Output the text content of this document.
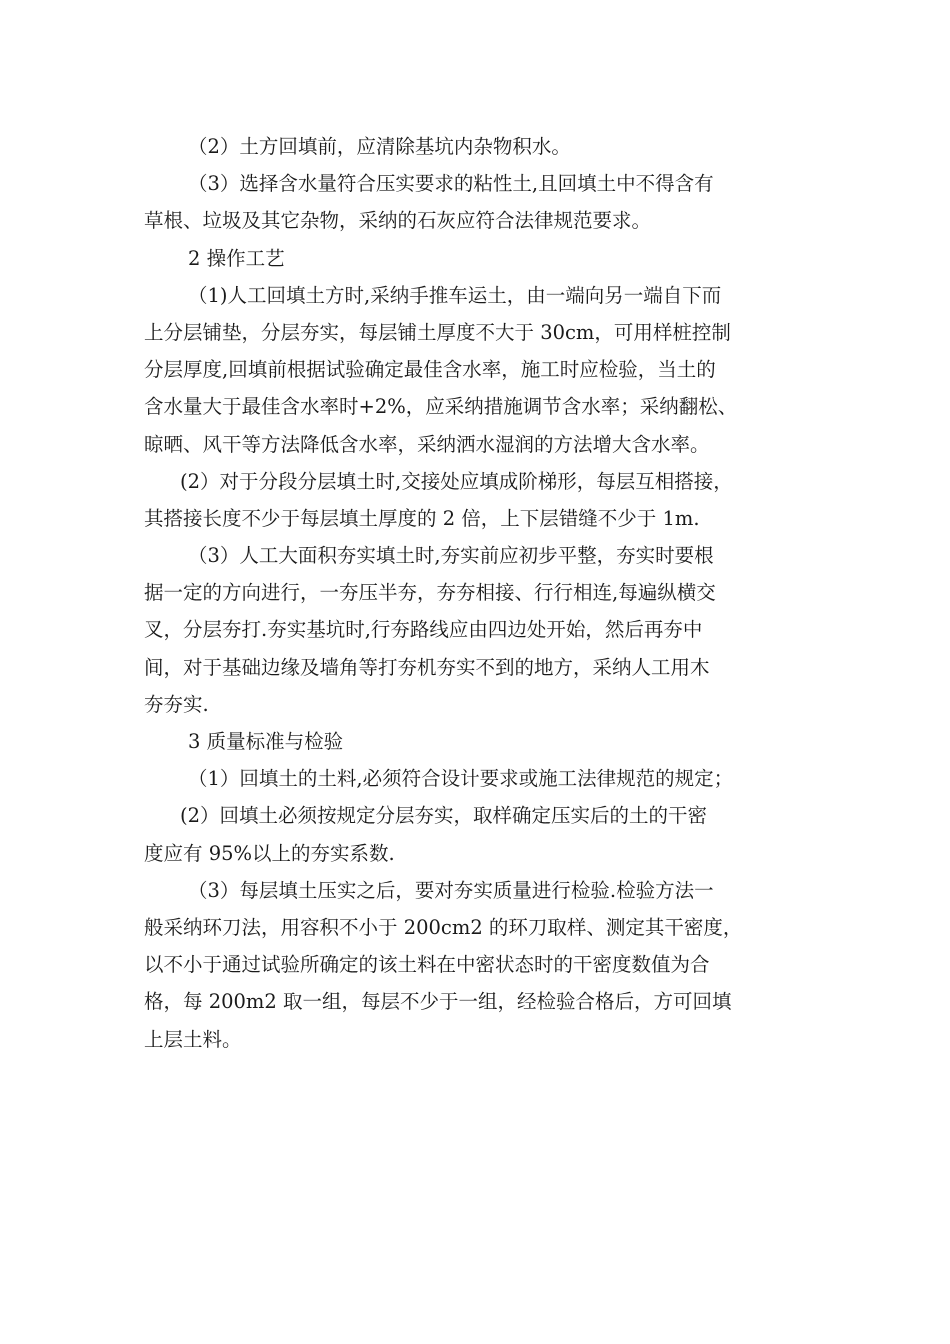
（2）土方回填前，应清除基坑内杂物积水。
（3）选择含水量符合压实要求的粘性土,且回填土中不得含有
草根、垃圾及其它杂物，采纳的石灰应符合法律规范要求。
2 操作工艺
（1)人工回填土方时,采纳手推车运土，由一端向另一端自下而
上分层铺垫，分层夯实，每层铺土厚度不大于 30cm，可用样桩控制
分层厚度,回填前根据试验确定最佳含水率，施工时应检验，当土的
含水量大于最佳含水率时+2%，应采纳措施调节含水率；采纳翻松、
晾晒、风干等方法降低含水率，采纳洒水湿润的方法增大含水率。
(2）对于分段分层填土时,交接处应填成阶梯形，每层互相搭接，
其搭接长度不少于每层填土厚度的 2 倍，上下层错缝不少于 1m.
（3）人工大面积夯实填土时,夯实前应初步平整，夯实时要根
据一定的方向进行，一夯压半夯，夯夯相接、行行相连,每遍纵横交
叉，分层夯打.夯实基坑时,行夯路线应由四边处开始，然后再夯中
间，对于基础边缘及墙角等打夯机夯实不到的地方，采纳人工用木
夯夯实.
3 质量标准与检验
（1）回填土的土料,必须符合设计要求或施工法律规范的规定；
(2）回填土必须按规定分层夯实，取样确定压实后的土的干密
度应有 95%以上的夯实系数.
（3）每层填土压实之后，要对夯实质量进行检验.检验方法一
般采纳环刀法，用容积不小于 200cm2 的环刀取样、测定其干密度，
以不小于通过试验所确定的该土料在中密状态时的干密度数值为合
格，每 200m2 取一组，每层不少于一组，经检验合格后，方可回填
上层土料。
